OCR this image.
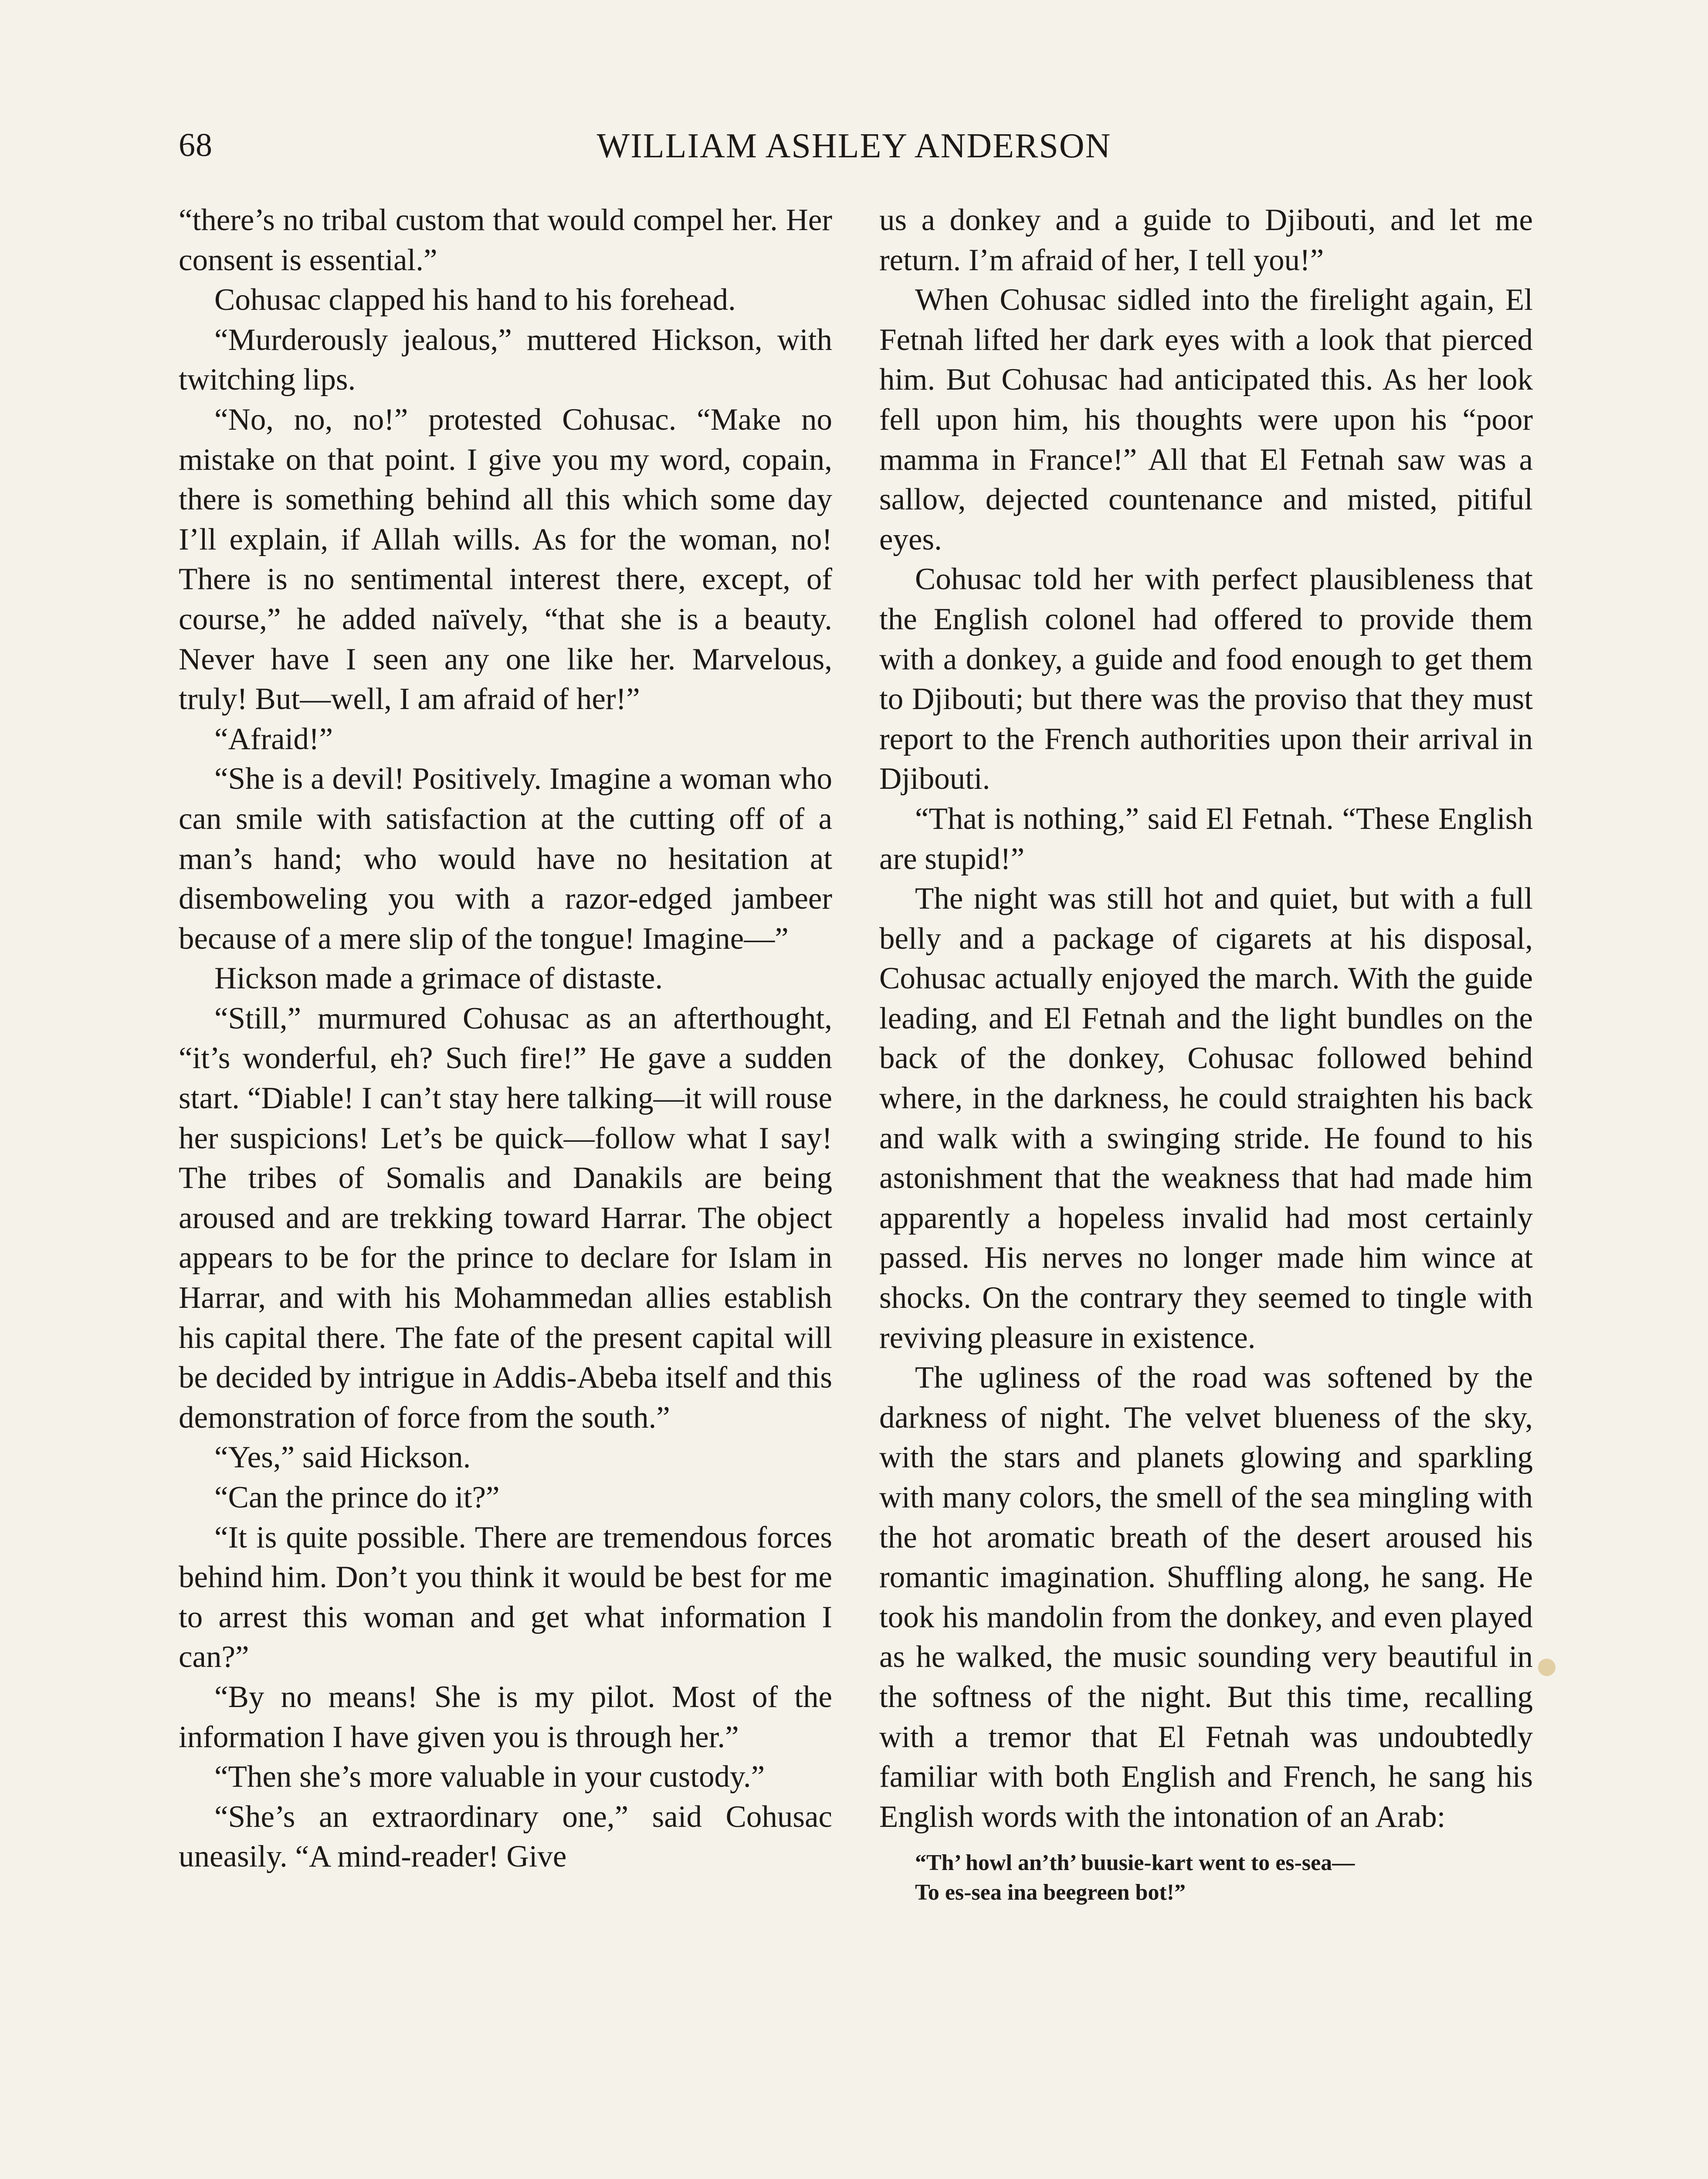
68	WILLIAM ASHLEY ANDERSON

“there’s no tribal custom that would compel her. Her consent is essential.”

Cohusac clapped his hand to his forehead.

“Murderously jealous,” muttered Hickson, with twitching lips.

“No, no, no!” protested Cohusac. “Make no mistake on that point. I give you my word, copain, there is something behind all this which some day I’ll explain, if Allah wills. As for the woman, no! There is no sentimental interest there, except, of course,” he added naïvely, “that she is a beauty. Never have I seen any one like her. Marvelous, truly! But—well, I am afraid of her!”

“Afraid!”

“She is a devil! Positively. Imagine a woman who can smile with satisfaction at the cutting off of a man’s hand; who would have no hesitation at disemboweling you with a razor-edged jambeer because of a mere slip of the tongue! Imagine—”

Hickson made a grimace of distaste.

“Still,” murmured Cohusac as an afterthought, “it’s wonderful, eh? Such fire!” He gave a sudden start. “Diable! I can’t stay here talking—it will rouse her suspicions! Let’s be quick—follow what I say! The tribes of Somalis and Danakils are being aroused and are trekking toward Harrar. The object appears to be for the prince to declare for Islam in Harrar, and with his Mohammedan allies establish his capital there. The fate of the present capital will be decided by intrigue in Addis-Abeba itself and this demonstration of force from the south.”

“Yes,” said Hickson.

“Can the prince do it?”

“It is quite possible. There are tremendous forces behind him. Don’t you think it would be best for me to arrest this woman and get what information I can?”

“By no means! She is my pilot. Most of the information I have given you is through her.”

“Then she’s more valuable in your custody.”

“She’s an extraordinary one,” said Cohusac uneasily. “A mind-reader! Give

us a donkey and a guide to Djibouti, and let me return. I’m afraid of her, I tell you!”

When Cohusac sidled into the firelight again, El Fetnah lifted her dark eyes with a look that pierced him. But Cohusac had anticipated this. As her look fell upon him, his thoughts were upon his “poor mamma in France!” All that El Fetnah saw was a sallow, dejected countenance and misted, pitiful eyes.

Cohusac told her with perfect plausibleness that the English colonel had offered to provide them with a donkey, a guide and food enough to get them to Djibouti; but there was the proviso that they must report to the French authorities upon their arrival in Djibouti.

“That is nothing,” said El Fetnah. “These English are stupid!”

The night was still hot and quiet, but with a full belly and a package of cigarets at his disposal, Cohusac actually enjoyed the march. With the guide leading, and El Fetnah and the light bundles on the back of the donkey, Cohusac followed behind where, in the darkness, he could straighten his back and walk with a swinging stride. He found to his astonishment that the weakness that had made him apparently a hopeless invalid had most certainly passed. His nerves no longer made him wince at shocks. On the contrary they seemed to tingle with reviving pleasure in existence.

The ugliness of the road was softened by the darkness of night. The velvet blueness of the sky, with the stars and planets glowing and sparkling with many colors, the smell of the sea mingling with the hot aromatic breath of the desert aroused his romantic imagination. Shuffling along, he sang. He took his mandolin from the donkey, and even played as he walked, the music sounding very beautiful in the softness of the night. But this time, recalling with a tremor that El Fetnah was undoubtedly familiar with both English and French, he sang his English words with the intonation of an Arab:

“Th’ howl an’th’ buusie-kart went to es-sea—
To es-sea ina beegreen bot!”
